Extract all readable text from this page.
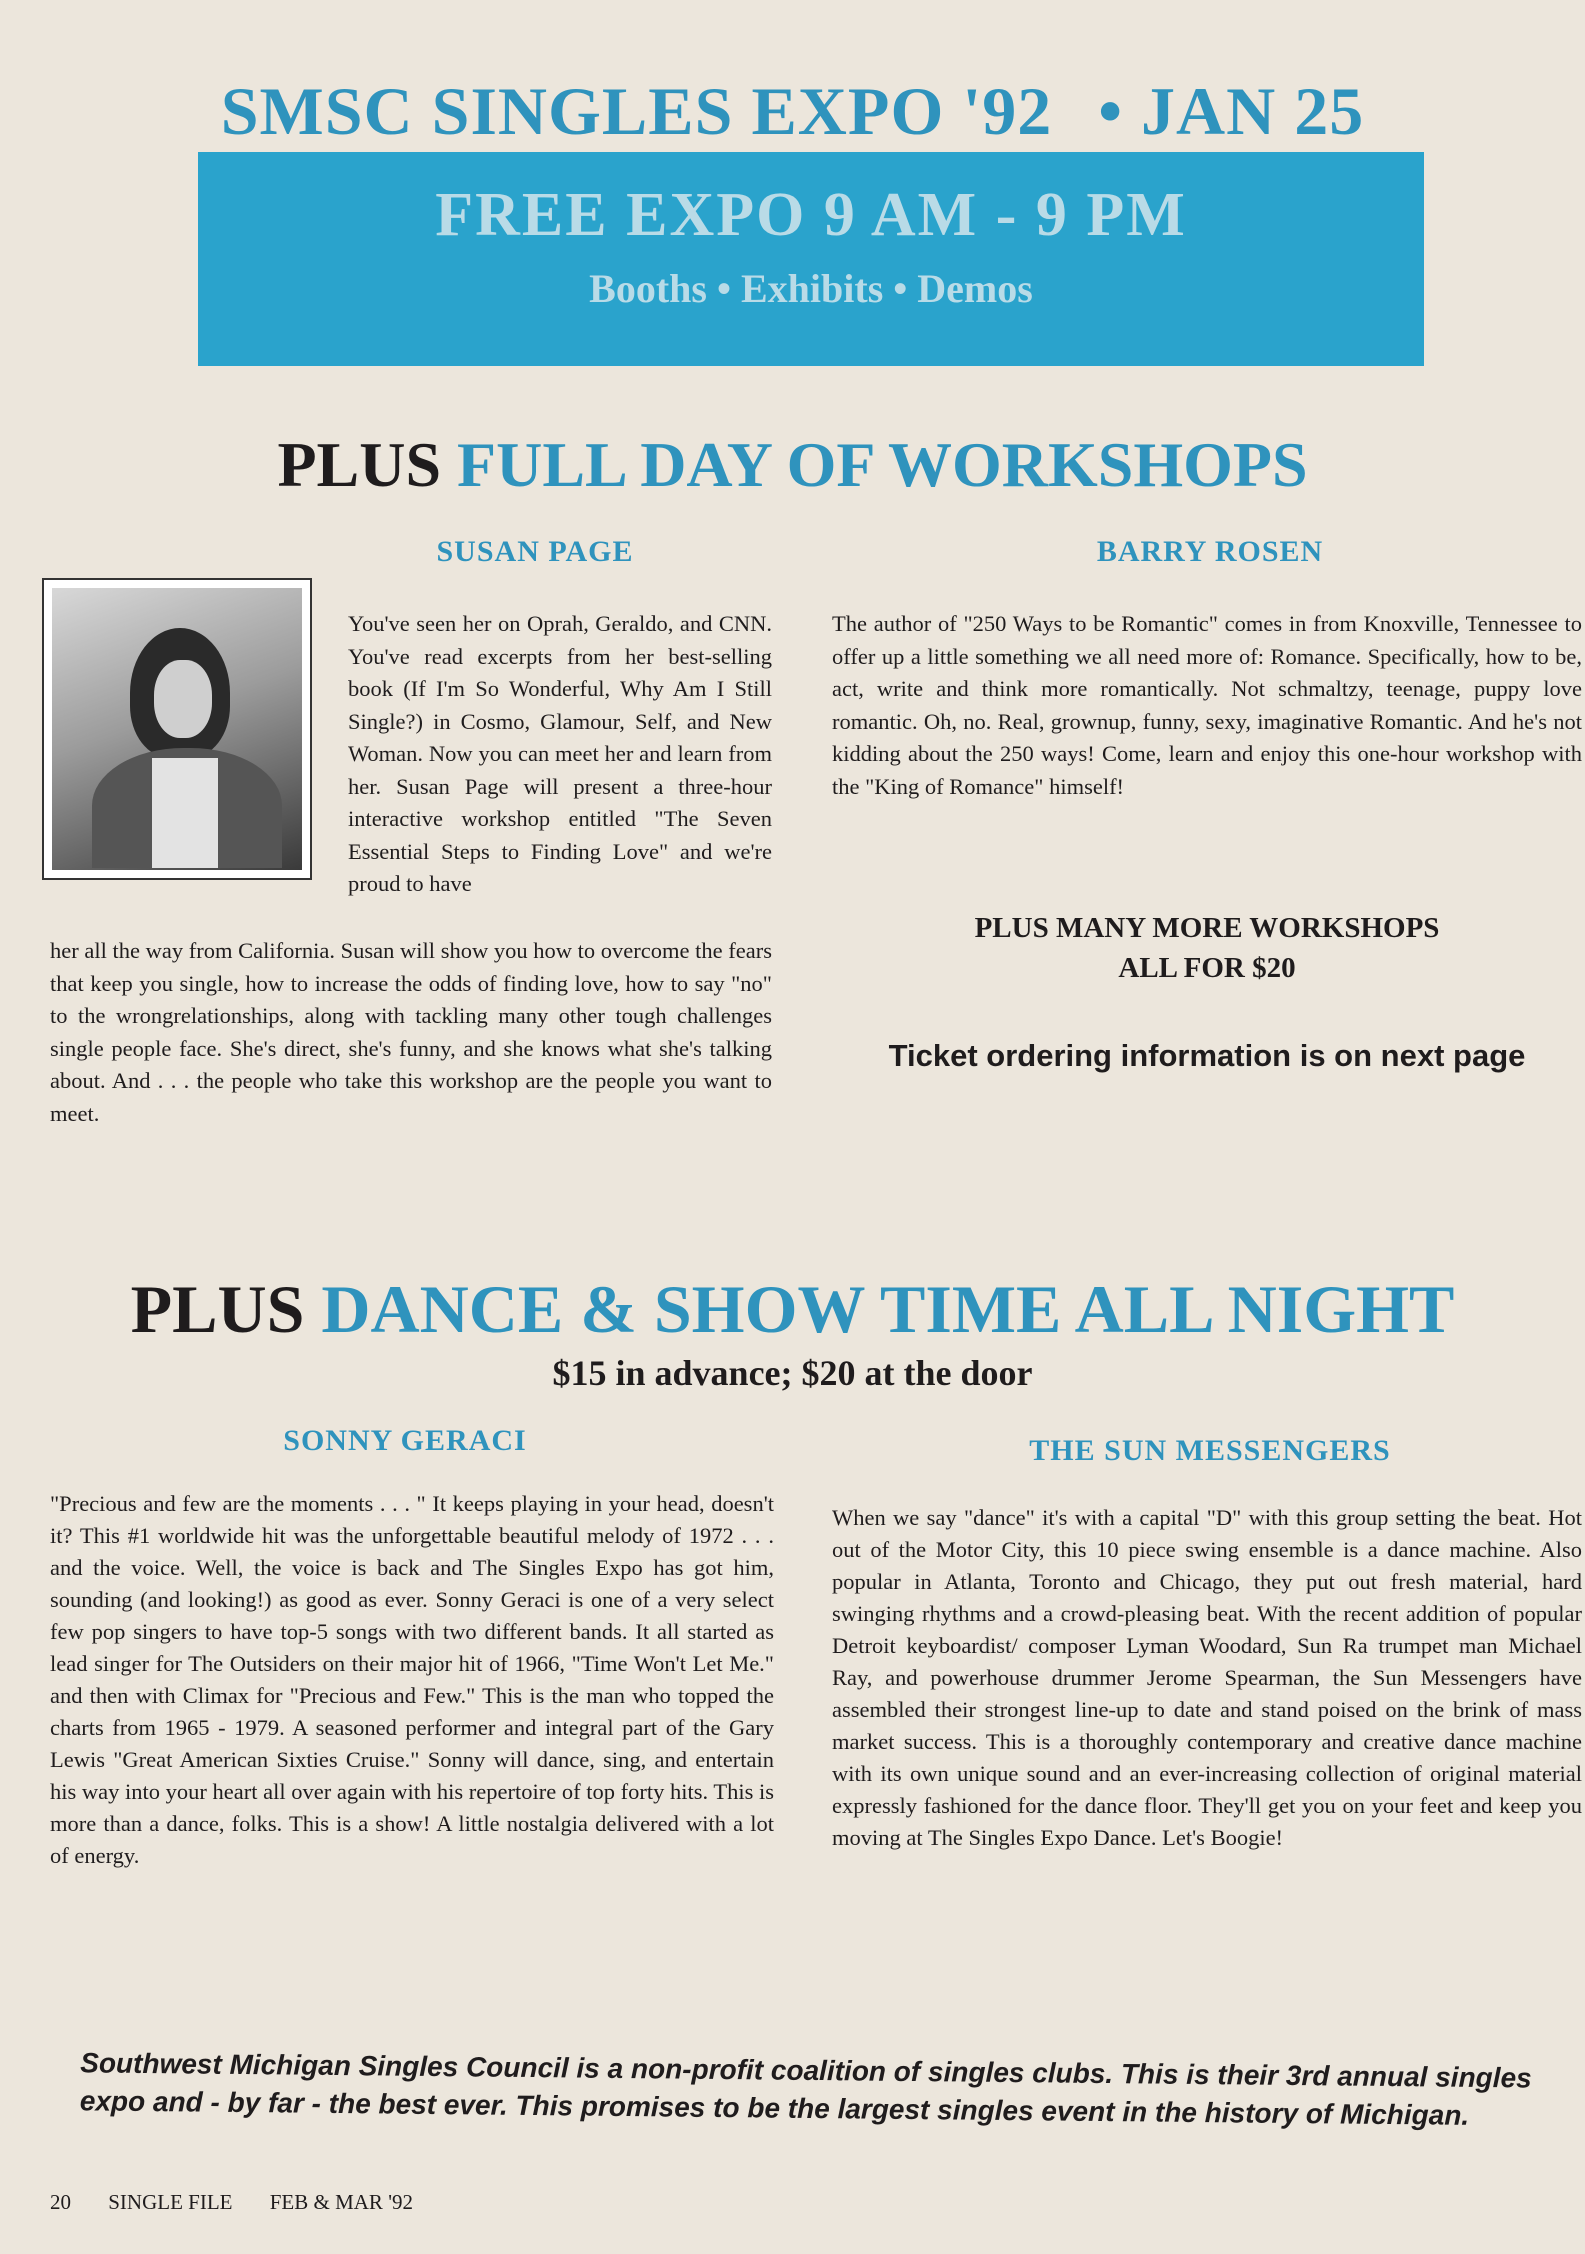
SMSC SINGLES EXPO '92 • JAN 25
FREE EXPO 9 AM - 9 PM
Booths • Exhibits • Demos
PLUS FULL DAY OF WORKSHOPS
SUSAN PAGE	BARRY ROSEN
You've seen her on Oprah, Geraldo, and CNN. You've read excerpts from her best-selling book (If I'm So Wonderful, Why Am I Still Single?) in Cosmo, Glamour, Self, and New Woman. Now you can meet her and learn from her. Susan Page will present a three-hour interactive workshop entitled "The Seven Essential Steps to Finding Love" and we're proud to have
her all the way from California. Susan will show you how to overcome the fears that keep you single, how to increase the odds of finding love, how to say "no" to the wrongrelationships, along with tackling many other tough challenges single people face. She's direct, she's funny, and she knows what she's talking about. And . . . the people who take this workshop are the people you want to meet.
The author of "250 Ways to be Romantic" comes in from Knoxville, Tennessee to offer up a little something we all need more of: Romance. Specifically, how to be, act, write and think more romantically. Not schmaltzy, teenage, puppy love romantic. Oh, no. Real, grownup, funny, sexy, imaginative Romantic. And he's not kidding about the 250 ways! Come, learn and enjoy this one-hour workshop with the "King of Romance" himself!
PLUS MANY MORE WORKSHOPS
ALL FOR $20
Ticket ordering information is on next page
PLUS DANCE & SHOW TIME ALL NIGHT
$15 in advance; $20 at the door
SONNY GERACI	THE SUN MESSENGERS
"Precious and few are the moments . . . " It keeps playing in your head, doesn't it? This #1 worldwide hit was the unforgettable beautiful melody of 1972 . . . and the voice. Well, the voice is back and The Singles Expo has got him, sounding (and looking!) as good as ever. Sonny Geraci is one of a very select few pop singers to have top-5 songs with two different bands. It all started as lead singer for The Outsiders on their major hit of 1966, "Time Won't Let Me." and then with Climax for "Precious and Few." This is the man who topped the charts from 1965 - 1979. A seasoned performer and integral part of the Gary Lewis "Great American Sixties Cruise." Sonny will dance, sing, and entertain his way into your heart all over again with his repertoire of top forty hits. This is more than a dance, folks. This is a show! A little nostalgia delivered with a lot of energy.
When we say "dance" it's with a capital "D" with this group setting the beat. Hot out of the Motor City, this 10 piece swing ensemble is a dance machine. Also popular in Atlanta, Toronto and Chicago, they put out fresh material, hard swinging rhythms and a crowd-pleasing beat. With the recent addition of popular Detroit keyboardist/ composer Lyman Woodard, Sun Ra trumpet man Michael Ray, and powerhouse drummer Jerome Spearman, the Sun Messengers have assembled their strongest line-up to date and stand poised on the brink of mass market success. This is a thoroughly contemporary and creative dance machine with its own unique sound and an ever-increasing collection of original material expressly fashioned for the dance floor. They'll get you on your feet and keep you moving at The Singles Expo Dance. Let's Boogie!
Southwest Michigan Singles Council is a non-profit coalition of singles clubs. This is their 3rd annual singles expo and - by far - the best ever. This promises to be the largest singles event in the history of Michigan.
20 SINGLE FILE FEB & MAR '92
